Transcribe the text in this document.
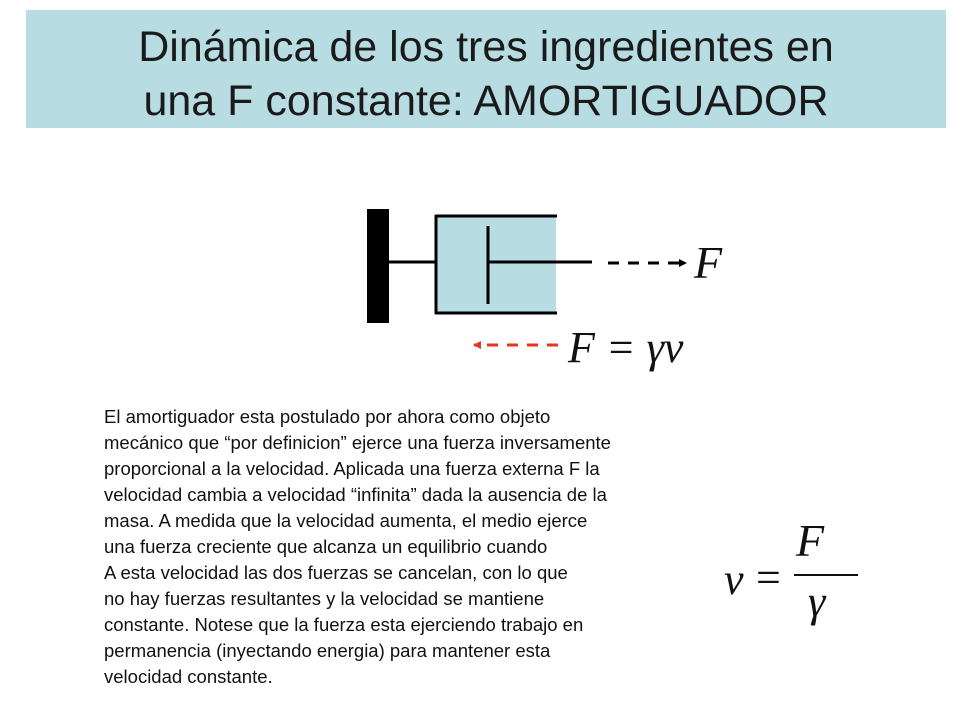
Dinámica de los tres ingredientes en
una F constante: AMORTIGUADOR
F
F = γv
El amortiguador esta postulado por ahora como objeto
mecánico que “por definicion” ejerce una fuerza inversamente
proporcional a la velocidad. Aplicada una fuerza externa F la
velocidad cambia a velocidad “infinita” dada la ausencia de la
masa. A medida que la velocidad aumenta, el medio ejerce
una fuerza creciente que alcanza un equilibrio cuando
A esta velocidad las dos fuerzas se cancelan, con lo que
no hay fuerzas resultantes y la velocidad se mantiene
constante. Notese que la fuerza esta ejerciendo trabajo en
permanencia (inyectando energia) para mantener esta
velocidad constante.
v =
F
γ
